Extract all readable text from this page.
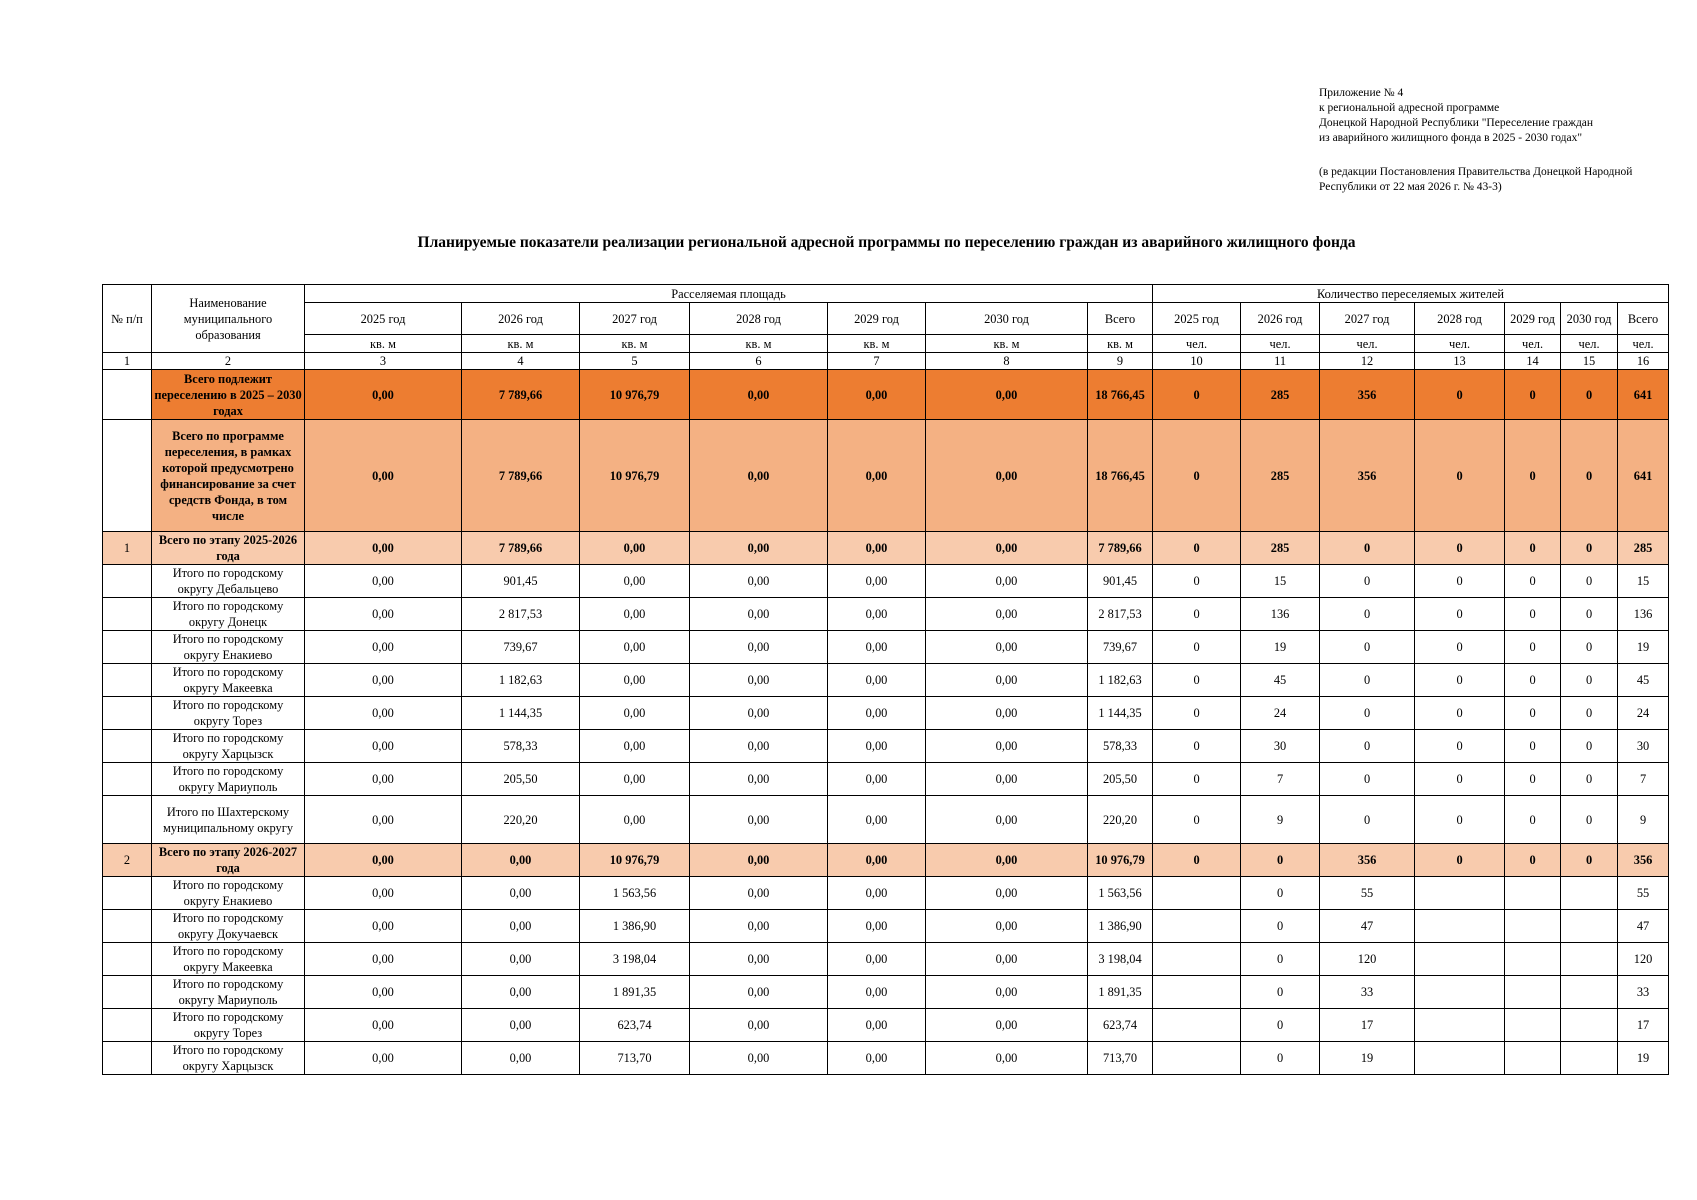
Приложение № 4
к региональной адресной программе
Донецкой Народной Республики "Переселение граждан
из аварийного жилищного фонда в 2025 - 2030 годах"
(в редакции Постановления Правительства Донецкой Народной
Республики от 22 мая 2026 г. № 43-3)
Планируемые показатели реализации региональной адресной программы по переселению граждан из аварийного жилищного фонда
№ п/п	Наименование
муниципального
образования	Расселяемая площадь							Количество переселяемых жителей						
		2025 год	2026 год	2027 год	2028 год	2029 год	2030 год	Всего	2025 год	2026 год	2027 год	2028 год	2029 год	2030 год	Всего
		кв. м	кв. м	кв. м	кв. м	кв. м	кв. м	кв. м	чел.	чел.	чел.	чел.	чел.	чел.	чел.
1	2	3	4	5	6	7	8	9	10	11	12	13	14	15	16
	Всего подлежит переселению в 2025 – 2030 годах	0,00	7 789,66	10 976,79	0,00	0,00	0,00	18 766,45	0	285	356	0	0	0	641
	Всего по программе переселения, в рамках которой предусмотрено финансирование за счет средств Фонда, в том числе	0,00	7 789,66	10 976,79	0,00	0,00	0,00	18 766,45	0	285	356	0	0	0	641
1	Всего по этапу 2025-2026 года	0,00	7 789,66	0,00	0,00	0,00	0,00	7 789,66	0	285	0	0	0	0	285
	Итого по городскому округу Дебальцево	0,00	901,45	0,00	0,00	0,00	0,00	901,45	0	15	0	0	0	0	15
	Итого по городскому округу Донецк	0,00	2 817,53	0,00	0,00	0,00	0,00	2 817,53	0	136	0	0	0	0	136
	Итого по городскому округу Енакиево	0,00	739,67	0,00	0,00	0,00	0,00	739,67	0	19	0	0	0	0	19
	Итого по городскому округу Макеевка	0,00	1 182,63	0,00	0,00	0,00	0,00	1 182,63	0	45	0	0	0	0	45
	Итого по городскому округу Торез	0,00	1 144,35	0,00	0,00	0,00	0,00	1 144,35	0	24	0	0	0	0	24
	Итого по городскому округу Харцызск	0,00	578,33	0,00	0,00	0,00	0,00	578,33	0	30	0	0	0	0	30
	Итого по городскому округу Мариуполь	0,00	205,50	0,00	0,00	0,00	0,00	205,50	0	7	0	0	0	0	7
	Итого по Шахтерскому муниципальному округу	0,00	220,20	0,00	0,00	0,00	0,00	220,20	0	9	0	0	0	0	9
2	Всего по этапу 2026-2027 года	0,00	0,00	10 976,79	0,00	0,00	0,00	10 976,79	0	0	356	0	0	0	356
	Итого по городскому округу Енакиево	0,00	0,00	1 563,56	0,00	0,00	0,00	1 563,56		0	55				55
	Итого по городскому округу Докучаевск	0,00	0,00	1 386,90	0,00	0,00	0,00	1 386,90		0	47				47
	Итого по городскому округу Макеевка	0,00	0,00	3 198,04	0,00	0,00	0,00	3 198,04		0	120				120
	Итого по городскому округу Мариуполь	0,00	0,00	1 891,35	0,00	0,00	0,00	1 891,35		0	33				33
	Итого по городскому округу Торез	0,00	0,00	623,74	0,00	0,00	0,00	623,74		0	17				17
	Итого по городскому округу Харцызск	0,00	0,00	713,70	0,00	0,00	0,00	713,70		0	19				19
